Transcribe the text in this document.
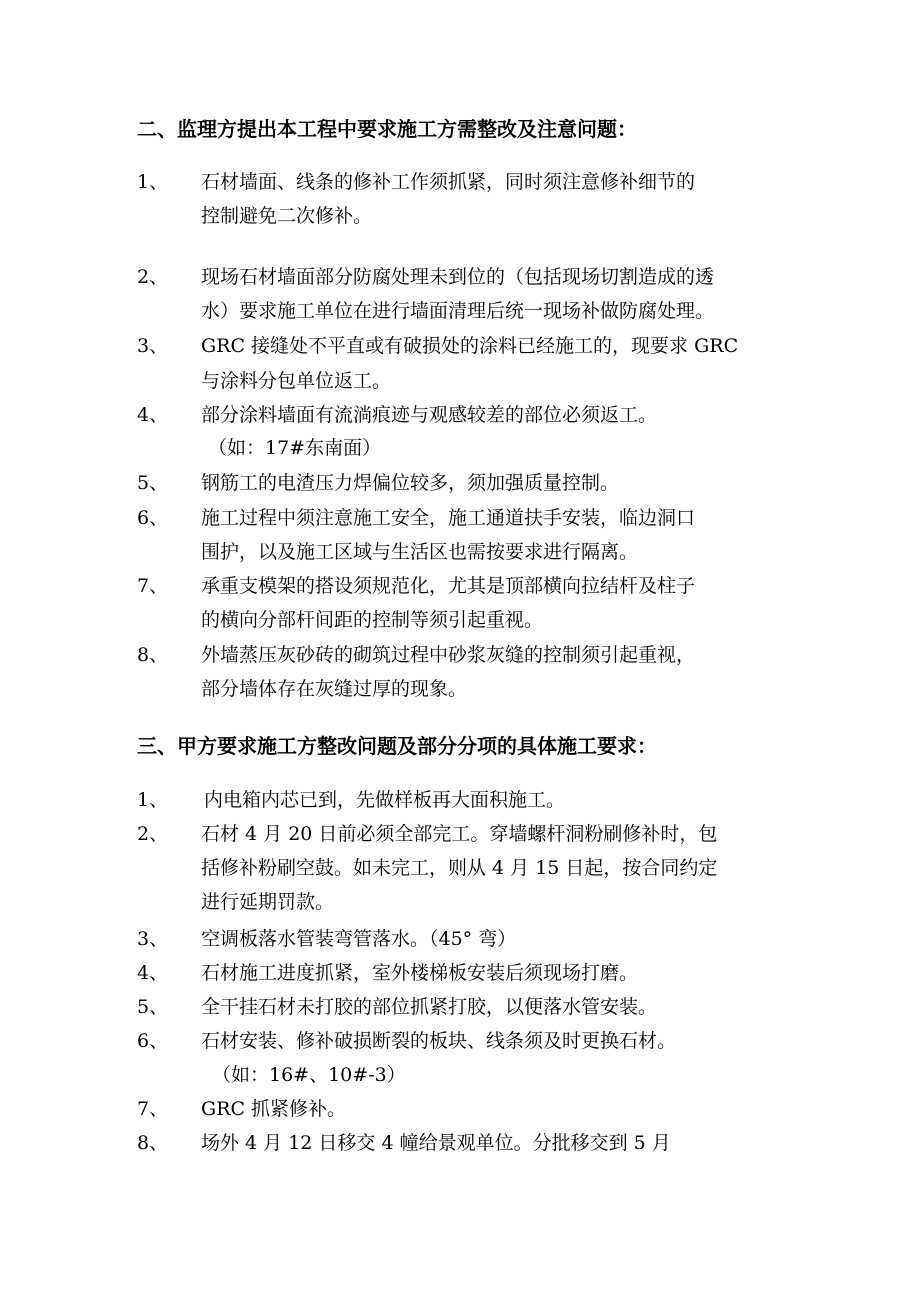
二、监理方提出本工程中要求施工方需整改及注意问题：
1、 石材墙面、线条的修补工作须抓紧，同时须注意修补细节的
控制避免二次修补。
2、 现场石材墙面部分防腐处理未到位的（包括现场切割造成的透
水）要求施工单位在进行墙面清理后统一现场补做防腐处理。
3、 GRC 接缝处不平直或有破损处的涂料已经施工的，现要求 GRC
与涂料分包单位返工。
4、 部分涂料墙面有流淌痕迹与观感较差的部位必须返工。
（如：17#东南面）
5、 钢筋工的电渣压力焊偏位较多，须加强质量控制。
6、 施工过程中须注意施工安全，施工通道扶手安装，临边洞口
围护，以及施工区域与生活区也需按要求进行隔离。
7、 承重支模架的搭设须规范化，尤其是顶部横向拉结杆及柱子
的横向分部杆间距的控制等须引起重视。
8、 外墙蒸压灰砂砖的砌筑过程中砂浆灰缝的控制须引起重视，
部分墙体存在灰缝过厚的现象。
三、甲方要求施工方整改问题及部分分项的具体施工要求：
1、 内电箱内芯已到，先做样板再大面积施工。
2、 石材 4 月 20 日前必须全部完工。穿墙螺杆洞粉刷修补时，包
括修补粉刷空鼓。如未完工，则从 4 月 15 日起，按合同约定
进行延期罚款。
3、 空调板落水管装弯管落水。（45° 弯）
4、 石材施工进度抓紧，室外楼梯板安装后须现场打磨。
5、 全干挂石材未打胶的部位抓紧打胶，以便落水管安装。
6、 石材安装、修补破损断裂的板块、线条须及时更换石材。
（如：16#、10#-3）
7、 GRC 抓紧修补。
8、 场外 4 月 12 日移交 4 幢给景观单位。分批移交到 5 月
